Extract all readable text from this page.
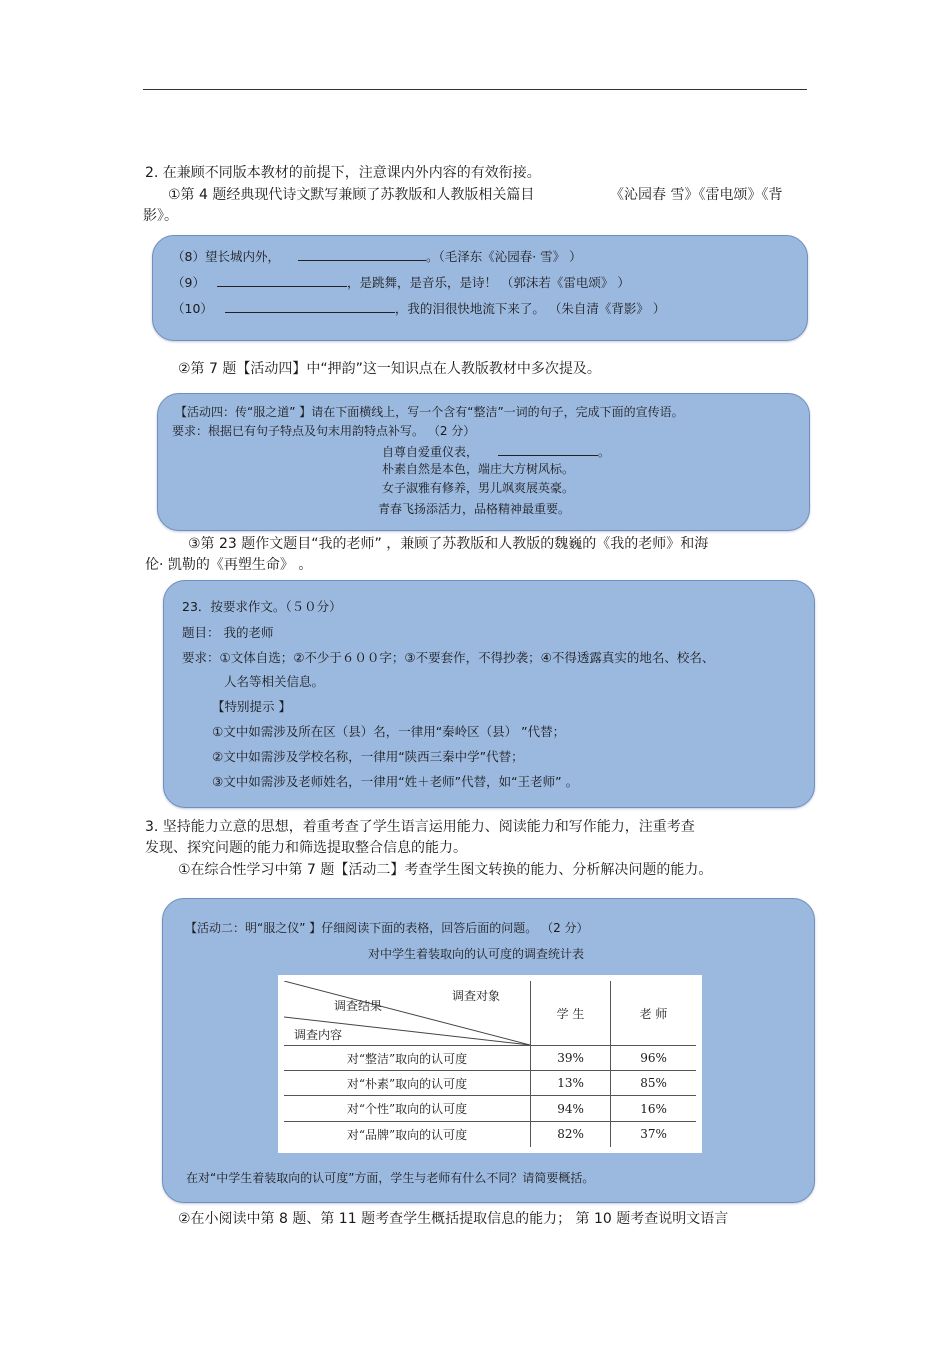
2. 在兼顾不同版本教材的前提下，注意课内外内容的有效衔接。
①第 4 题经典现代诗文默写兼顾了苏教版和人教版相关篇目	《沁园春 雪》《雷电颂》《背
影》。
（8）望长城内外，	。（毛泽东《沁园春· 雪》 ）
（9）	，是跳舞，是音乐，是诗！ （郭沫若《雷电颂》 ）
（10）	，我的泪很快地流下来了。 （朱自清《背影》 ）
②第 7 题【活动四】中“押韵”这一知识点在人教版教材中多次提及。
【活动四：传“服之道” 】请在下面横线上，写一个含有“整洁”一词的句子，完成下面的宣传语。
要求：根据已有句子特点及句末用韵特点补写。 （2 分）
自尊自爱重仪表，	。
朴素自然是本色，端庄大方树风标。
女子淑雅有修养，男儿飒爽展英豪。
青春飞扬添活力，品格精神最重要。
③第 23 题作文题目“我的老师” ，兼顾了苏教版和人教版的魏巍的《我的老师》和海
伦· 凯勒的《再塑生命》 。
23．按要求作文。（５０分）
题目： 我的老师
要求：①文体自选；②不少于６００字；③不要套作，不得抄袭；④不得透露真实的地名、校名、
人名等相关信息。
【特别提示 】
①文中如需涉及所在区（县）名，一律用“秦岭区（县） ”代替；
②文中如需涉及学校名称，一律用“陕西三秦中学”代替；
③文中如需涉及老师姓名，一律用“姓＋老师”代替，如“王老师” 。
3. 坚持能力立意的思想，着重考查了学生语言运用能力、阅读能力和写作能力，注重考查
发现、探究问题的能力和筛选提取整合信息的能力。
①在综合性学习中第 7 题【活动二】考查学生图文转换的能力、分析解决问题的能力。
【活动二：明“服之仪” 】仔细阅读下面的表格，回答后面的问题。 （2 分）
对中学生着装取向的认可度的调查统计表
调查对象
调查结果
调查内容	学 生	老 师
对“整洁”取向的认可度	39%	96%
对“朴素”取向的认可度	13%	85%
对“个性”取向的认可度	94%	16%
对“品牌”取向的认可度	82%	37%
在对“中学生着装取向的认可度”方面，学生与老师有什么不同？请简要概括。
②在小阅读中第 8 题、第 11 题考查学生概括提取信息的能力； 第 10 题考查说明文语言
